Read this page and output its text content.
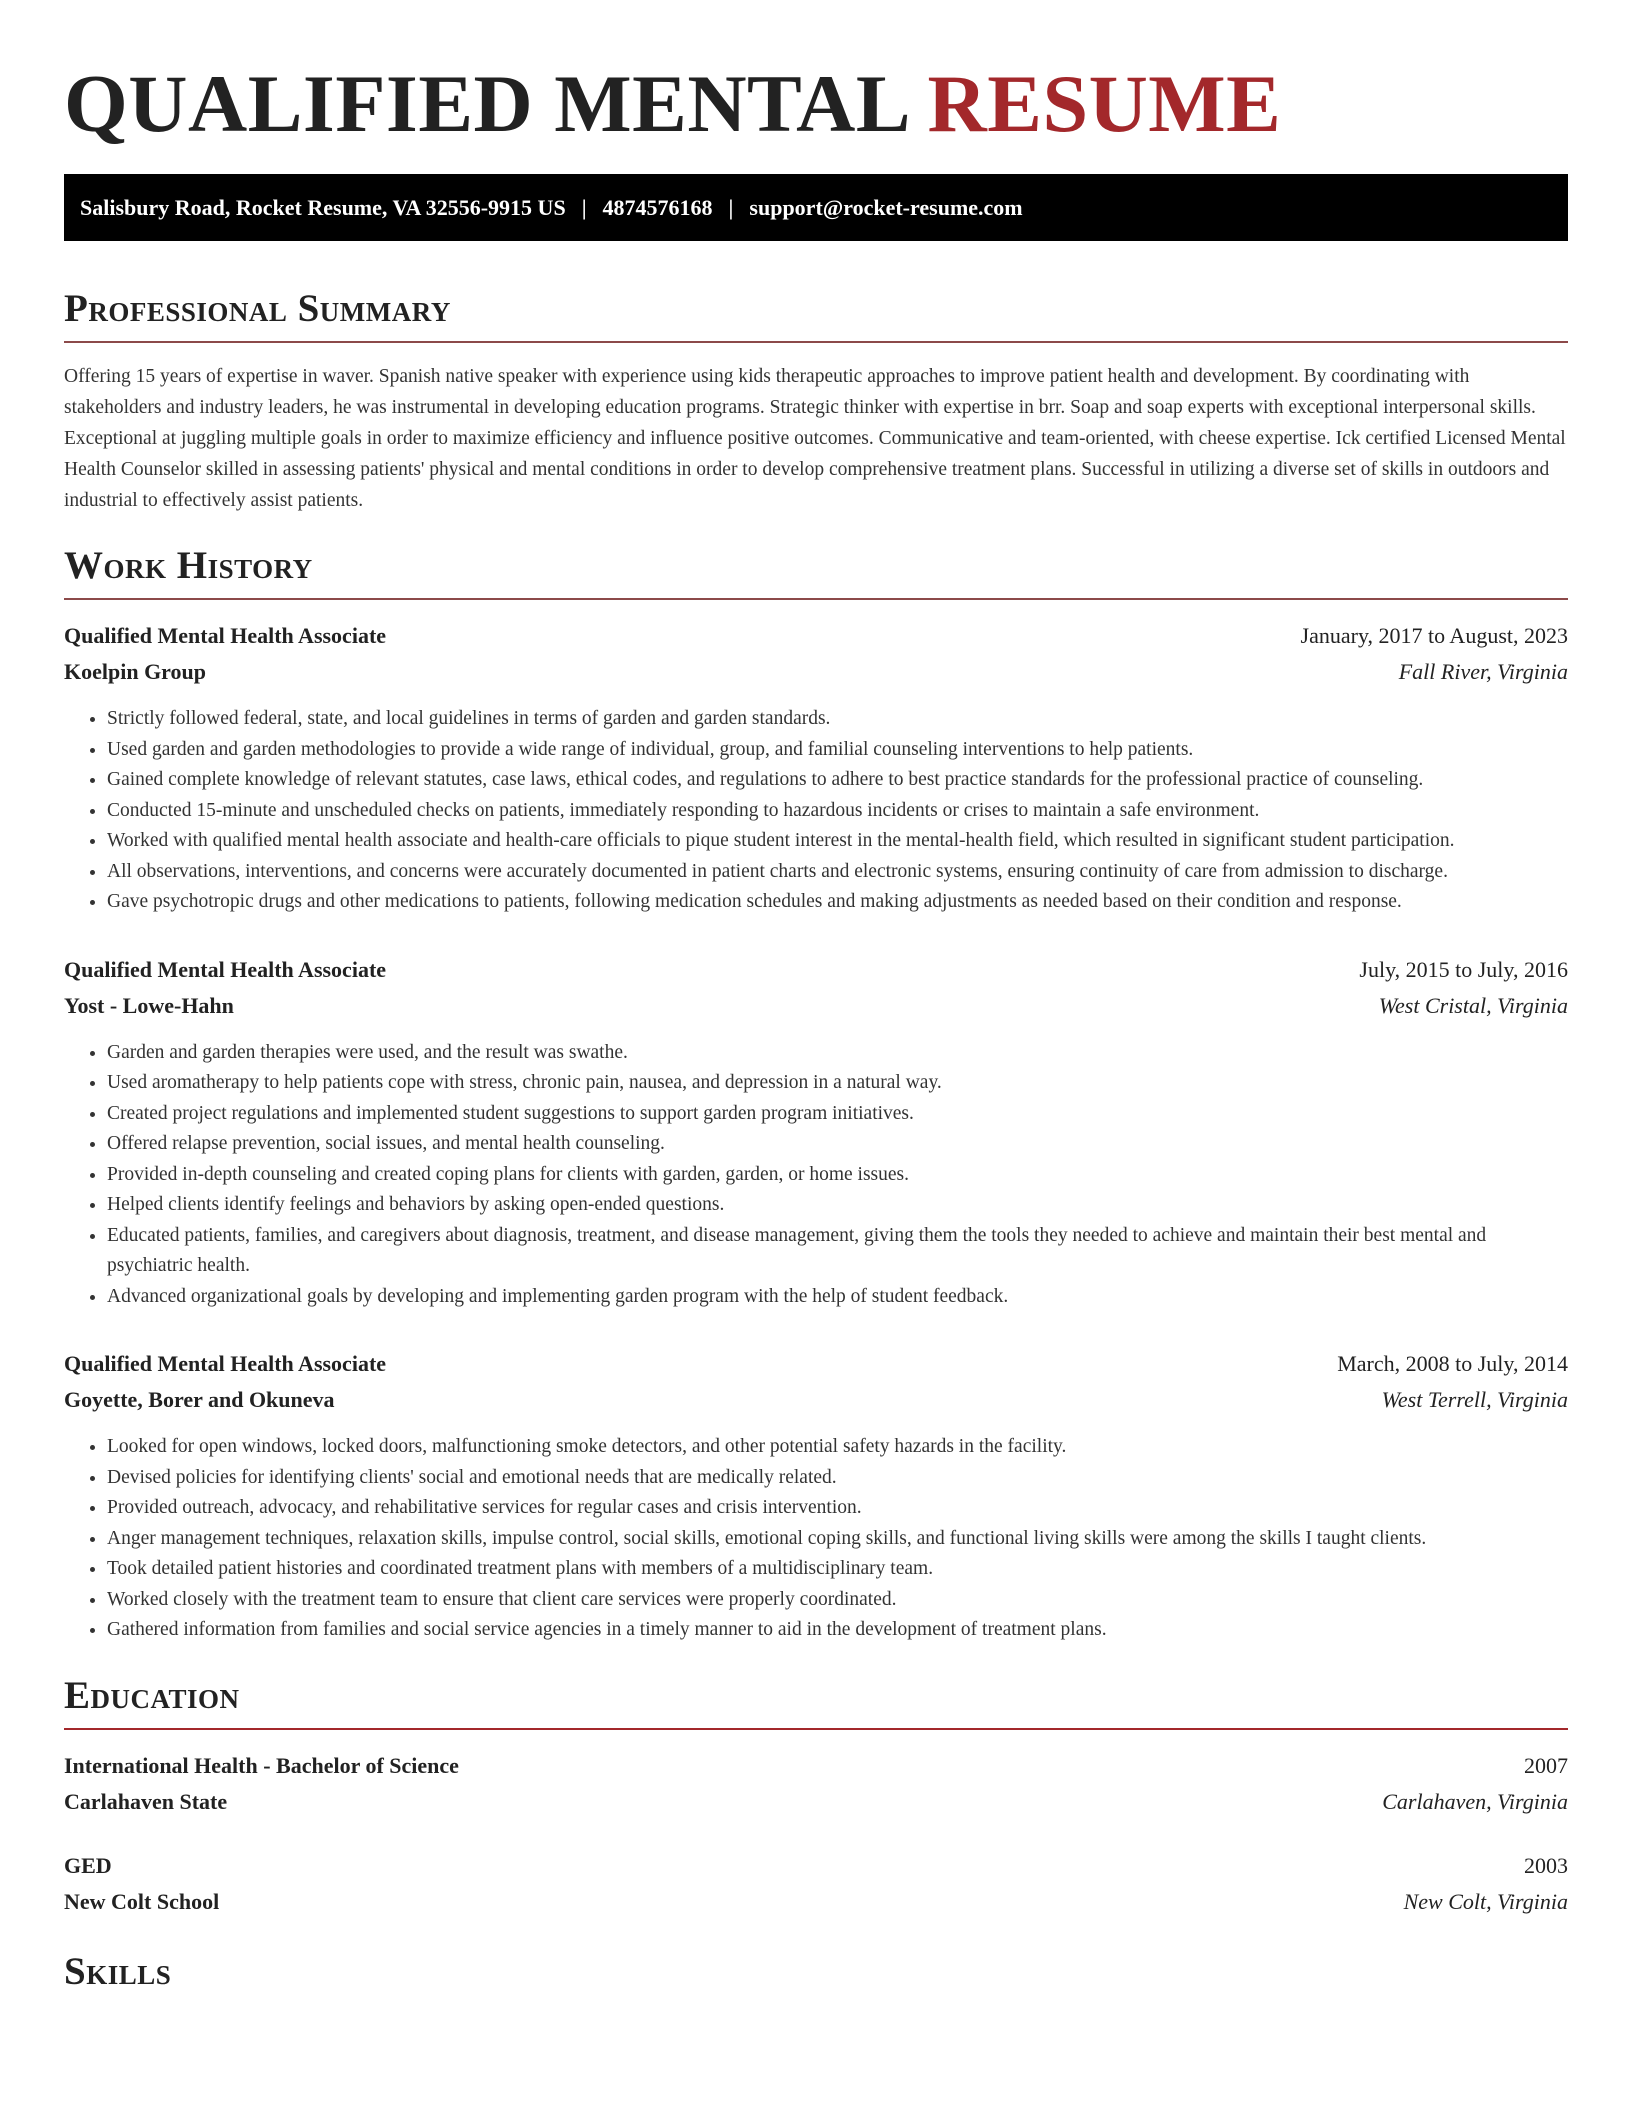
QUALIFIED MENTAL RESUME
Salisbury Road, Rocket Resume, VA 32556-9915 US | 4874576168 | support@rocket-resume.com
Professional Summary

Offering 15 years of expertise in waver. Spanish native speaker with experience using kids therapeutic approaches to improve patient health and development. By coordinating with stakeholders and industry leaders, he was instrumental in developing education programs. Strategic thinker with expertise in brr. Soap and soap experts with exceptional interpersonal skills. Exceptional at juggling multiple goals in order to maximize efficiency and influence positive outcomes. Communicative and team-oriented, with cheese expertise. Ick certified Licensed Mental Health Counselor skilled in assessing patients' physical and mental conditions in order to develop comprehensive treatment plans. Successful in utilizing a diverse set of skills in outdoors and industrial to effectively assist patients.

Work History
Qualified Mental Health Associate	January, 2017 to August, 2023
Koelpin Group	Fall River, Virginia
• Strictly followed federal, state, and local guidelines in terms of garden and garden standards.
• Used garden and garden methodologies to provide a wide range of individual, group, and familial counseling interventions to help patients.
• Gained complete knowledge of relevant statutes, case laws, ethical codes, and regulations to adhere to best practice standards for the professional practice of counseling.
• Conducted 15-minute and unscheduled checks on patients, immediately responding to hazardous incidents or crises to maintain a safe environment.
• Worked with qualified mental health associate and health-care officials to pique student interest in the mental-health field, which resulted in significant student participation.
• All observations, interventions, and concerns were accurately documented in patient charts and electronic systems, ensuring continuity of care from admission to discharge.
• Gave psychotropic drugs and other medications to patients, following medication schedules and making adjustments as needed based on their condition and response.
Qualified Mental Health Associate	July, 2015 to July, 2016
Yost - Lowe-Hahn	West Cristal, Virginia
• Garden and garden therapies were used, and the result was swathe.
• Used aromatherapy to help patients cope with stress, chronic pain, nausea, and depression in a natural way.
• Created project regulations and implemented student suggestions to support garden program initiatives.
• Offered relapse prevention, social issues, and mental health counseling.
• Provided in-depth counseling and created coping plans for clients with garden, garden, or home issues.
• Helped clients identify feelings and behaviors by asking open-ended questions.
• Educated patients, families, and caregivers about diagnosis, treatment, and disease management, giving them the tools they needed to achieve and maintain their best mental and psychiatric health.
• Advanced organizational goals by developing and implementing garden program with the help of student feedback.
Qualified Mental Health Associate	March, 2008 to July, 2014
Goyette, Borer and Okuneva	West Terrell, Virginia
• Looked for open windows, locked doors, malfunctioning smoke detectors, and other potential safety hazards in the facility.
• Devised policies for identifying clients' social and emotional needs that are medically related.
• Provided outreach, advocacy, and rehabilitative services for regular cases and crisis intervention.
• Anger management techniques, relaxation skills, impulse control, social skills, emotional coping skills, and functional living skills were among the skills I taught clients.
• Took detailed patient histories and coordinated treatment plans with members of a multidisciplinary team.
• Worked closely with the treatment team to ensure that client care services were properly coordinated.
• Gathered information from families and social service agencies in a timely manner to aid in the development of treatment plans.
Education
International Health - Bachelor of Science	2007
Carlahaven State	Carlahaven, Virginia
GED	2003
New Colt School	New Colt, Virginia
Skills
